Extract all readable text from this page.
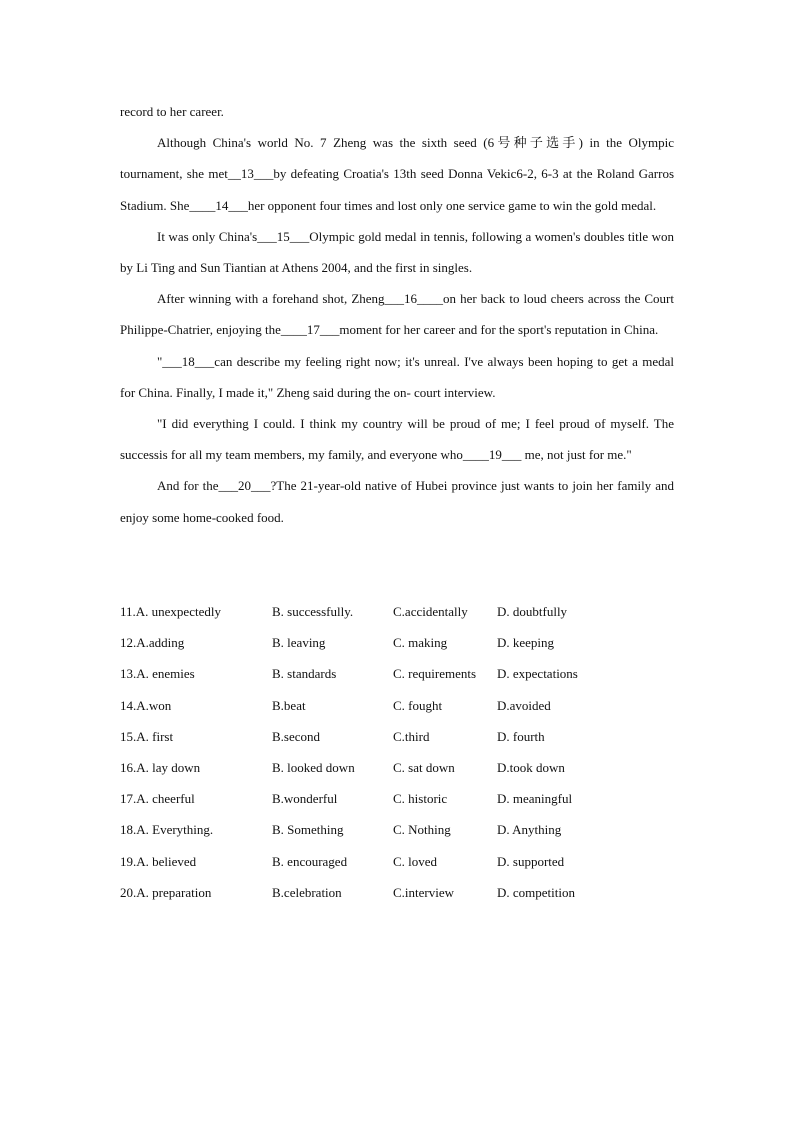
record to her career.

Although China's world No. 7 Zheng was the sixth seed (6号种子选手) in the Olympic tournament, she met__13___by defeating Croatia's 13th seed Donna Vekic6-2, 6-3 at the Roland Garros Stadium. She____14___her opponent four times and lost only one service game to win the gold medal.

It was only China's___15___Olympic gold medal in tennis, following a women's doubles title won by Li Ting and Sun Tiantian at Athens 2004, and the first in singles.

After winning with a forehand shot, Zheng___16____on her back to loud cheers across the Court Philippe-Chatrier, enjoying the____17___moment for her career and for the sport's reputation in China.

"___18___can describe my feeling right now; it's unreal. I've always been hoping to get a medal for China. Finally, I made it," Zheng said during the on- court interview.

"I did everything I could. I think my country will be proud of me; I feel proud of myself. The successis for all my team members, my family, and everyone who____19___ me, not just for me."

And for the___20___?The 21-year-old native of Hubei province just wants to join her family and enjoy some home-cooked food.

11.A. unexpectedly	B. successfully.	C.accidentally D. doubtfully
12.A.adding	B. leaving	C. making	D. keeping
13.A. enemies	B. standards	C. requirements D. expectations
14.A.won	B.beat	C. fought	D.avoided
15.A. first	B.second	C.third	D. fourth
16.A. lay down	B. looked down	C. sat down	D.took down
17.A. cheerful	B.wonderful	C. historic	D. meaningful
18.A. Everything.	B. Something	C. Nothing	D. Anything
19.A. believed	B. encouraged	C. loved	D. supported
20.A. preparation	B.celebration	C.interview	D. competition
